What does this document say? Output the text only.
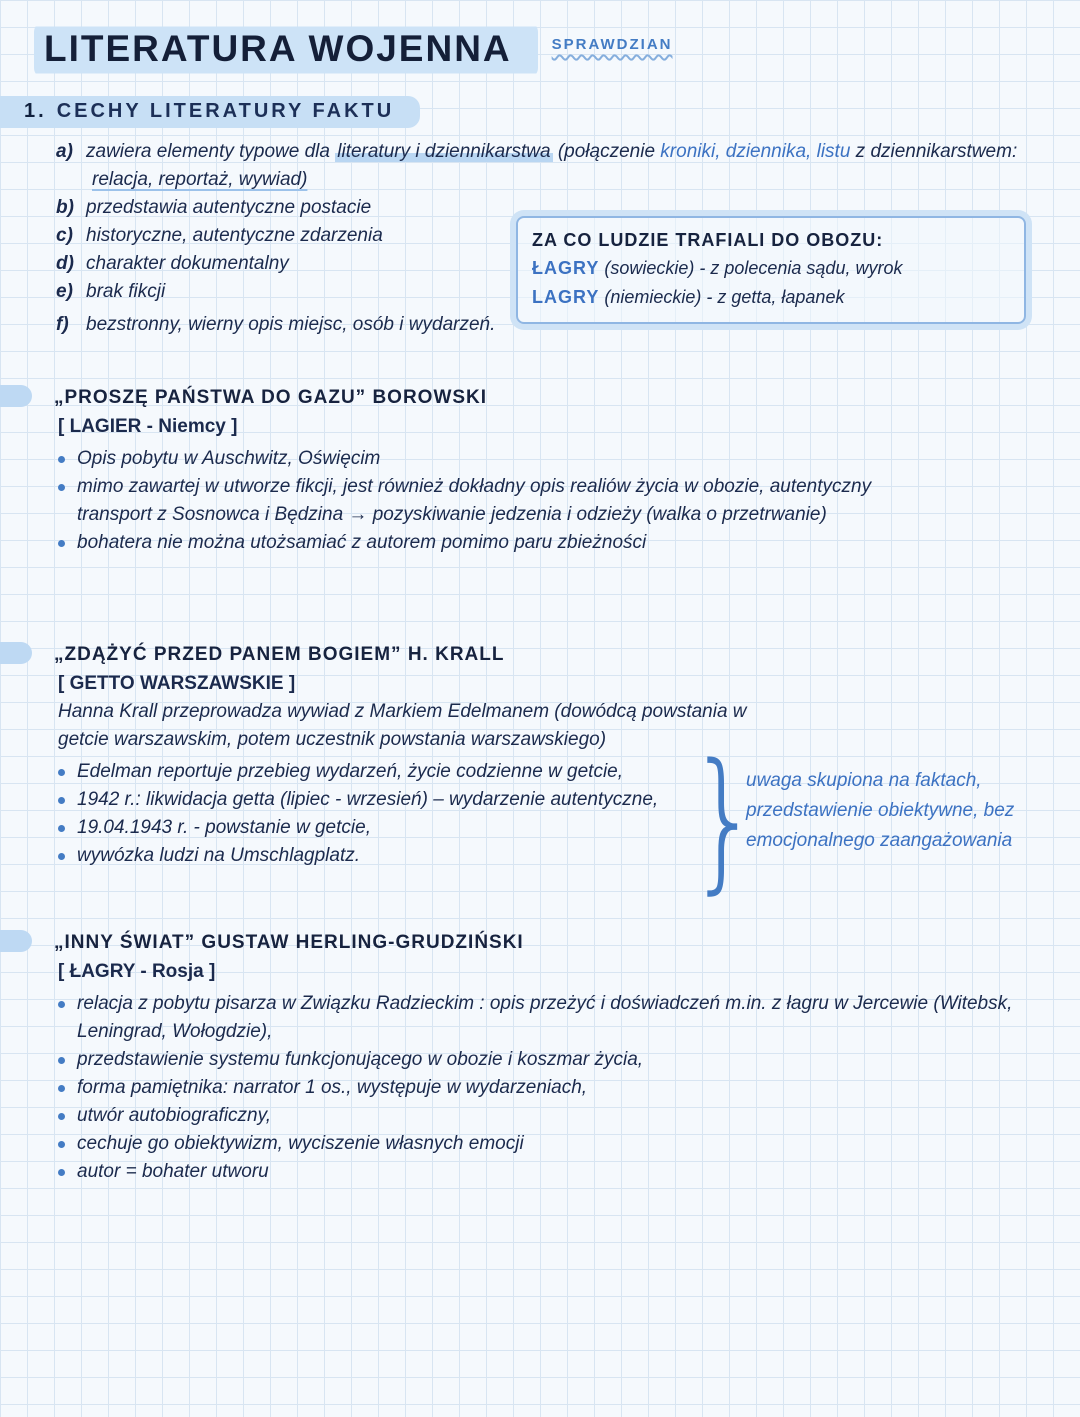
LITERATURA WOJENNA	SPRAWDZIAN
1. CECHY LITERATURY FAKTU
a) zawiera elementy typowe dla literatury i dziennikarstwa (połączenie kroniki, dziennika, listu z dziennikarstwem:
relacja, reportaż, wywiad)
b) przedstawia autentyczne postacie
c) historyczne, autentyczne zdarzenia
d) charakter dokumentalny
e) brak fikcji
f) bezstronny, wierny opis miejsc, osób i wydarzeń.
ZA CO LUDZIE TRAFIALI DO OBOZU:
ŁAGRY (sowieckie) - z polecenia sądu, wyrok
LAGRY (niemieckie) - z getta, łapanek
„PROSZĘ PAŃSTWA DO GAZU” BOROWSKI
[ LAGIER - Niemcy ]
Opis pobytu w Auschwitz, Oświęcim
mimo zawartej w utworze fikcji, jest również dokładny opis realiów życia w obozie, autentyczny transport z Sosnowca i Będzina → pozyskiwanie jedzenia i odzieży (walka o przetrwanie)
bohatera nie można utożsamiać z autorem pomimo paru zbieżności
„ZDĄŻYĆ PRZED PANEM BOGIEM” H. KRALL
[ GETTO WARSZAWSKIE ]
Hanna Krall przeprowadza wywiad z Markiem Edelmanem (dowódcą powstania w getcie warszawskim, potem uczestnik powstania warszawskiego)
Edelman reportuje przebieg wydarzeń, życie codzienne w getcie,
1942 r.: likwidacja getta (lipiec - wrzesień) – wydarzenie autentyczne,
19.04.1943 r. - powstanie w getcie,
wywózka ludzi na Umschlagplatz. }
uwaga skupiona na faktach, przedstawienie obiektywne, bez emocjonalnego zaangażowania
„INNY ŚWIAT” GUSTAW HERLING-GRUDZIŃSKI
[ ŁAGRY - Rosja ]
relacja z pobytu pisarza w Związku Radzieckim : opis przeżyć i doświadczeń m.in. z łagru w Jercewie (Witebsk, Leningrad, Wołogdzie),
przedstawienie systemu funkcjonującego w obozie i koszmar życia,
forma pamiętnika: narrator 1 os., występuje w wydarzeniach,
utwór autobiograficzny,
cechuje go obiektywizm, wyciszenie własnych emocji
autor = bohater utworu
